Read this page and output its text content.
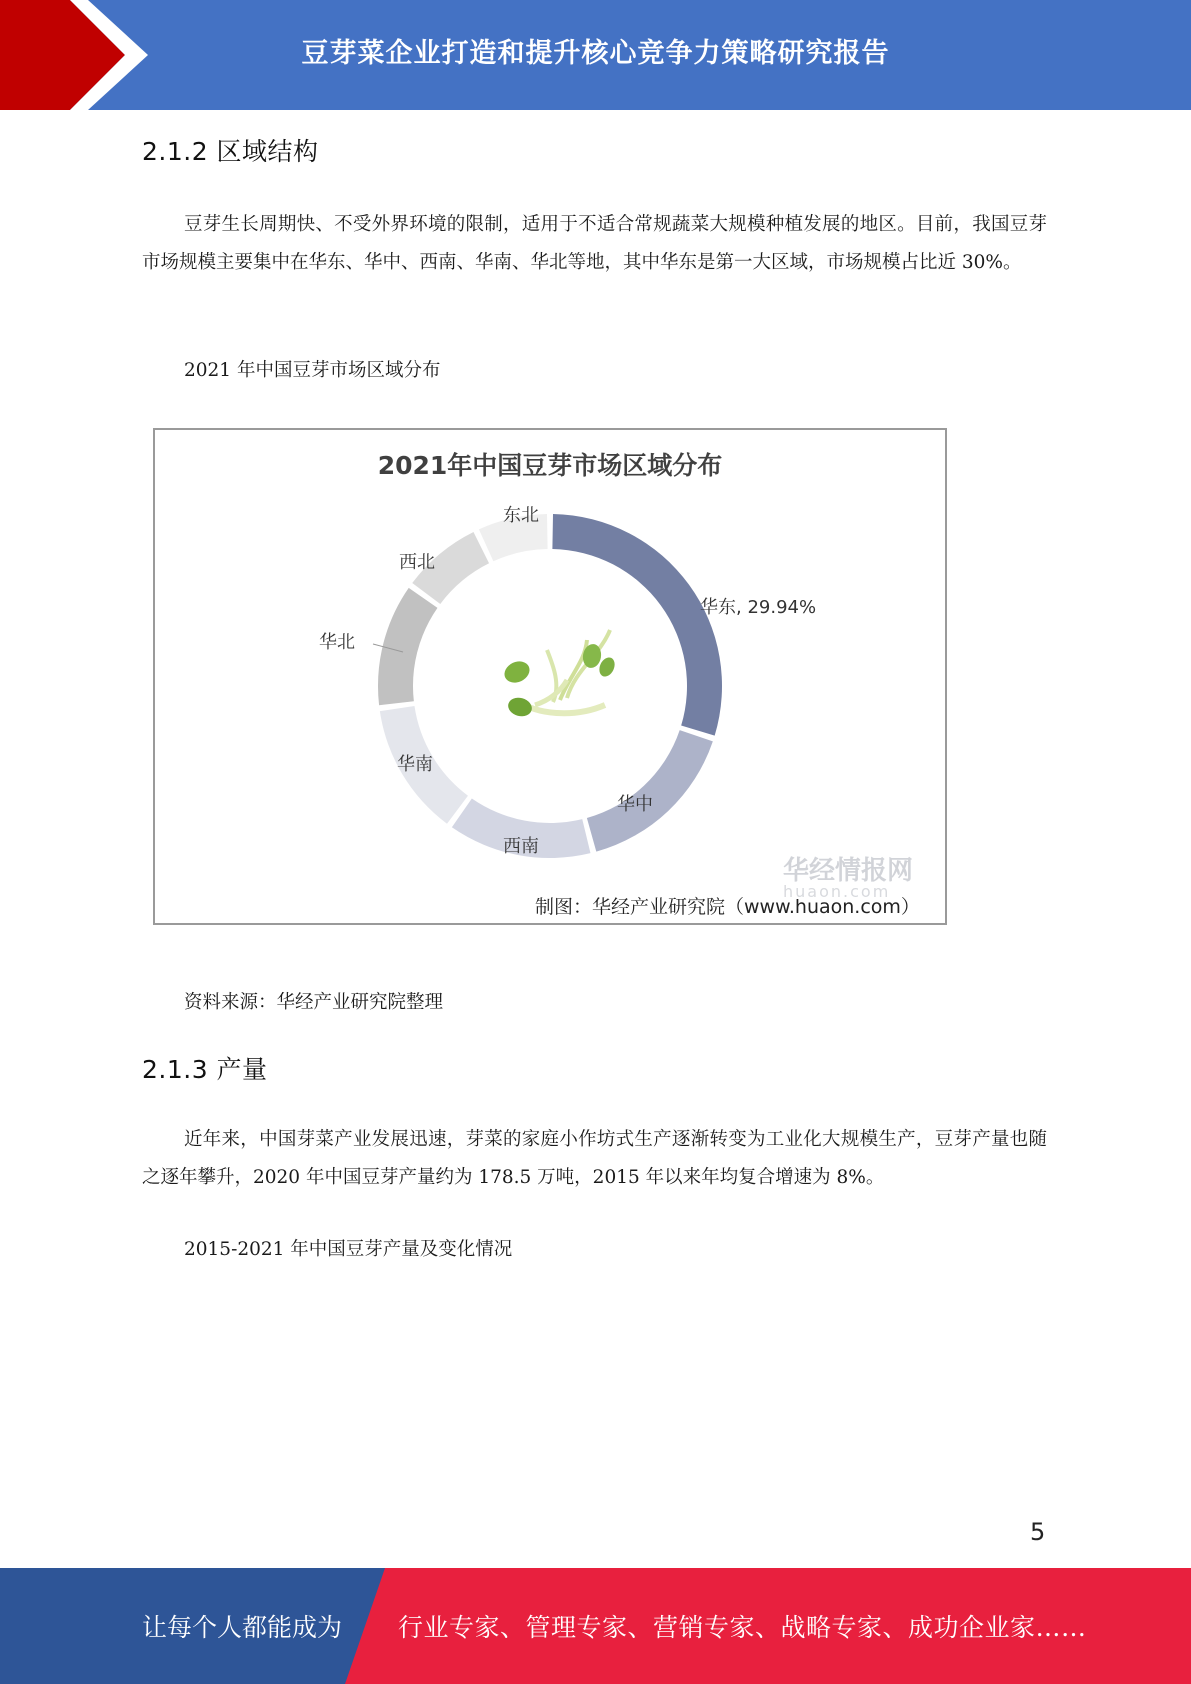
豆芽菜企业打造和提升核心竞争力策略研究报告
2.1.2 区域结构
豆芽生长周期快、不受外界环境的限制，适用于不适合常规蔬菜大规模种植发展的地区。目前，我国豆芽市场规模主要集中在华东、华中、西南、华南、华北等地，其中华东是第一大区域，市场规模占比近 30%。
2021 年中国豆芽市场区域分布
2021年中国豆芽市场区域分布
华东, 29.94%
华中
西南
华南
华北
西北
东北
华经情报网
huaon.com
制图：华经产业研究院（www.huaon.com）
资料来源：华经产业研究院整理
2.1.3 产量
近年来，中国芽菜产业发展迅速，芽菜的家庭小作坊式生产逐渐转变为工业化大规模生产，豆芽产量也随之逐年攀升，2020 年中国豆芽产量约为 178.5 万吨，2015 年以来年均复合增速为 8%。
2015-2021 年中国豆芽产量及变化情况
5
让每个人都能成为 行业专家、管理专家、营销专家、战略专家、成功企业家……
